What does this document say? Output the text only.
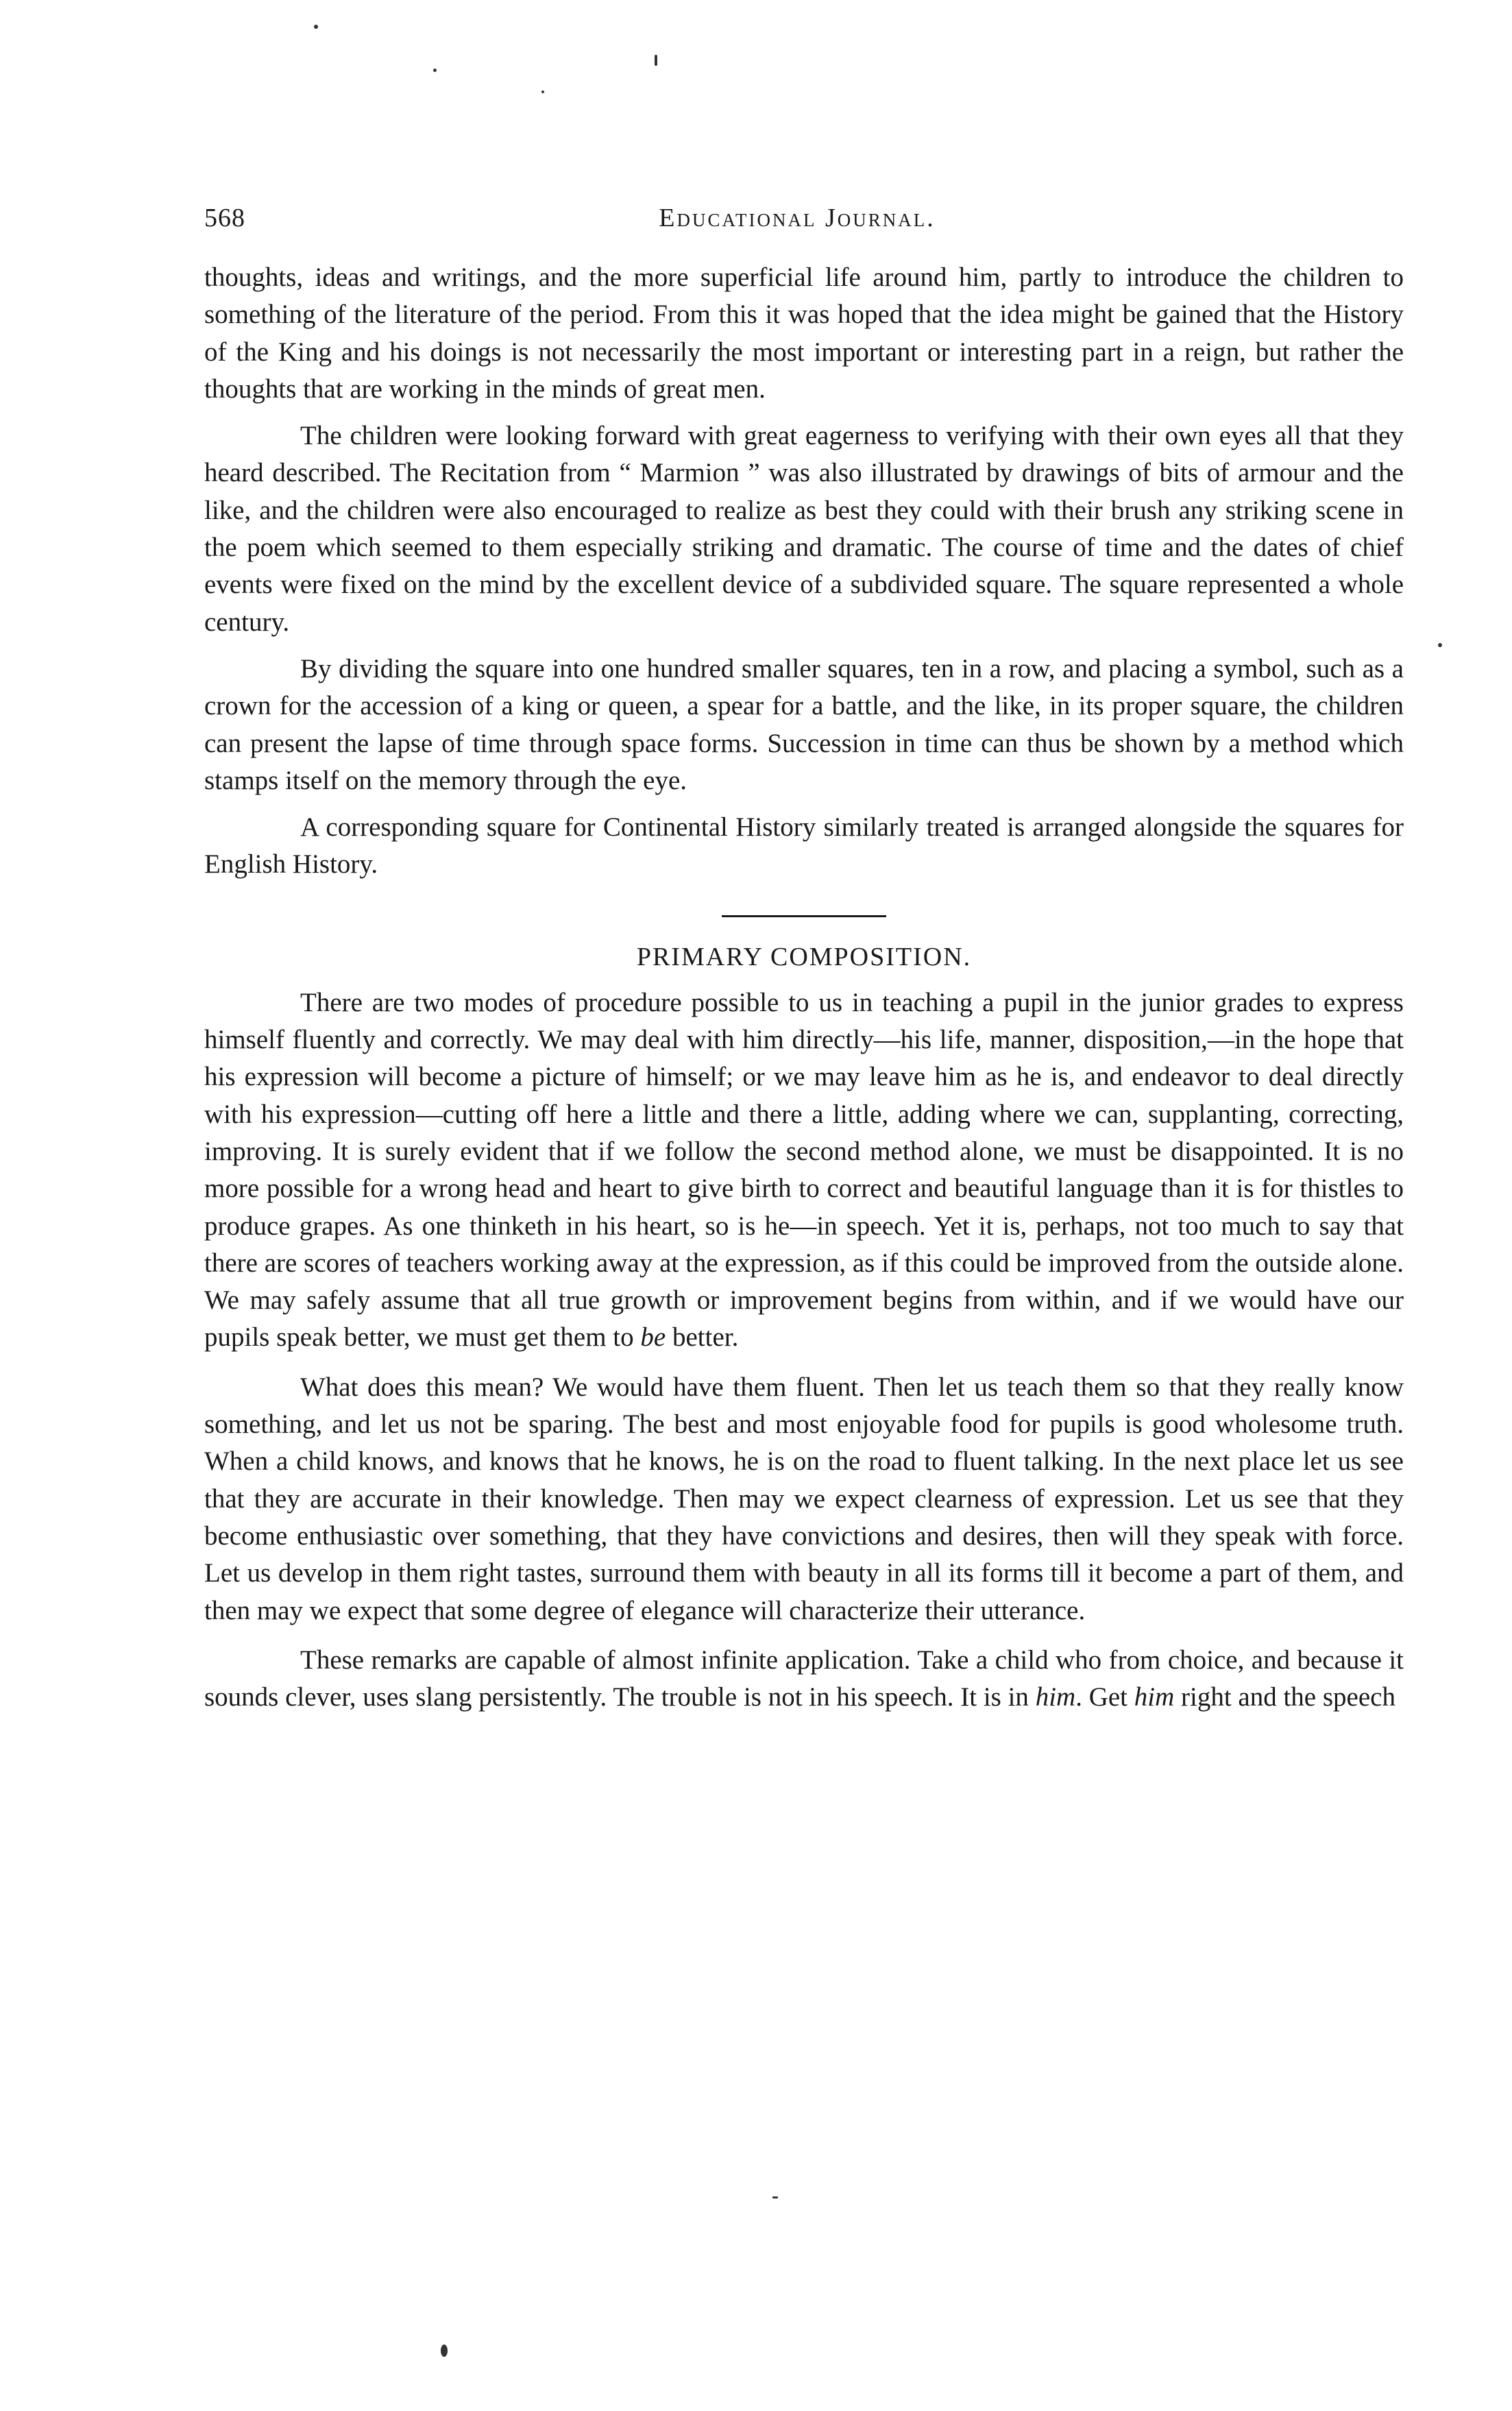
568	Educational Journal.

thoughts, ideas and writings, and the more superficial life around him, partly to introduce the children to something of the literature of the period. From this it was hoped that the idea might be gained that the History of the King and his doings is not necessarily the most important or interesting part in a reign, but rather the thoughts that are working in the minds of great men.

The children were looking forward with great eagerness to verifying with their own eyes all that they heard described. The Recitation from “ Marmion ” was also illustrated by drawings of bits of armour and the like, and the children were also encouraged to realize as best they could with their brush any striking scene in the poem which seemed to them especially striking and dramatic. The course of time and the dates of chief events were fixed on the mind by the excellent device of a subdivided square. The square represented a whole century.

By dividing the square into one hundred smaller squares, ten in a row, and placing a symbol, such as a crown for the accession of a king or queen, a spear for a battle, and the like, in its proper square, the children can present the lapse of time through space forms. Succession in time can thus be shown by a method which stamps itself on the memory through the eye.

A corresponding square for Continental History similarly treated is arranged alongside the squares for English History.

PRIMARY COMPOSITION.

There are two modes of procedure possible to us in teaching a pupil in the junior grades to express himself fluently and correctly. We may deal with him directly—his life, manner, disposition,—in the hope that his expression will become a picture of himself; or we may leave him as he is, and endeavor to deal directly with his expression—cutting off here a little and there a little, adding where we can, supplanting, correcting, improving. It is surely evident that if we follow the second method alone, we must be disappointed. It is no more possible for a wrong head and heart to give birth to correct and beautiful language than it is for thistles to produce grapes. As one thinketh in his heart, so is he—in speech. Yet it is, perhaps, not too much to say that there are scores of teachers working away at the expression, as if this could be improved from the outside alone. We may safely assume that all true growth or improvement begins from within, and if we would have our pupils speak better, we must get them to be better.

What does this mean? We would have them fluent. Then let us teach them so that they really know something, and let us not be sparing. The best and most enjoyable food for pupils is good wholesome truth. When a child knows, and knows that he knows, he is on the road to fluent talking. In the next place let us see that they are accurate in their knowledge. Then may we expect clearness of expression. Let us see that they become enthusiastic over something, that they have convictions and desires, then will they speak with force. Let us develop in them right tastes, surround them with beauty in all its forms till it become a part of them, and then may we expect that some degree of elegance will characterize their utterance.

These remarks are capable of almost infinite application. Take a child who from choice, and because it sounds clever, uses slang persistently. The trouble is not in his speech. It is in him. Get him right and the speech
